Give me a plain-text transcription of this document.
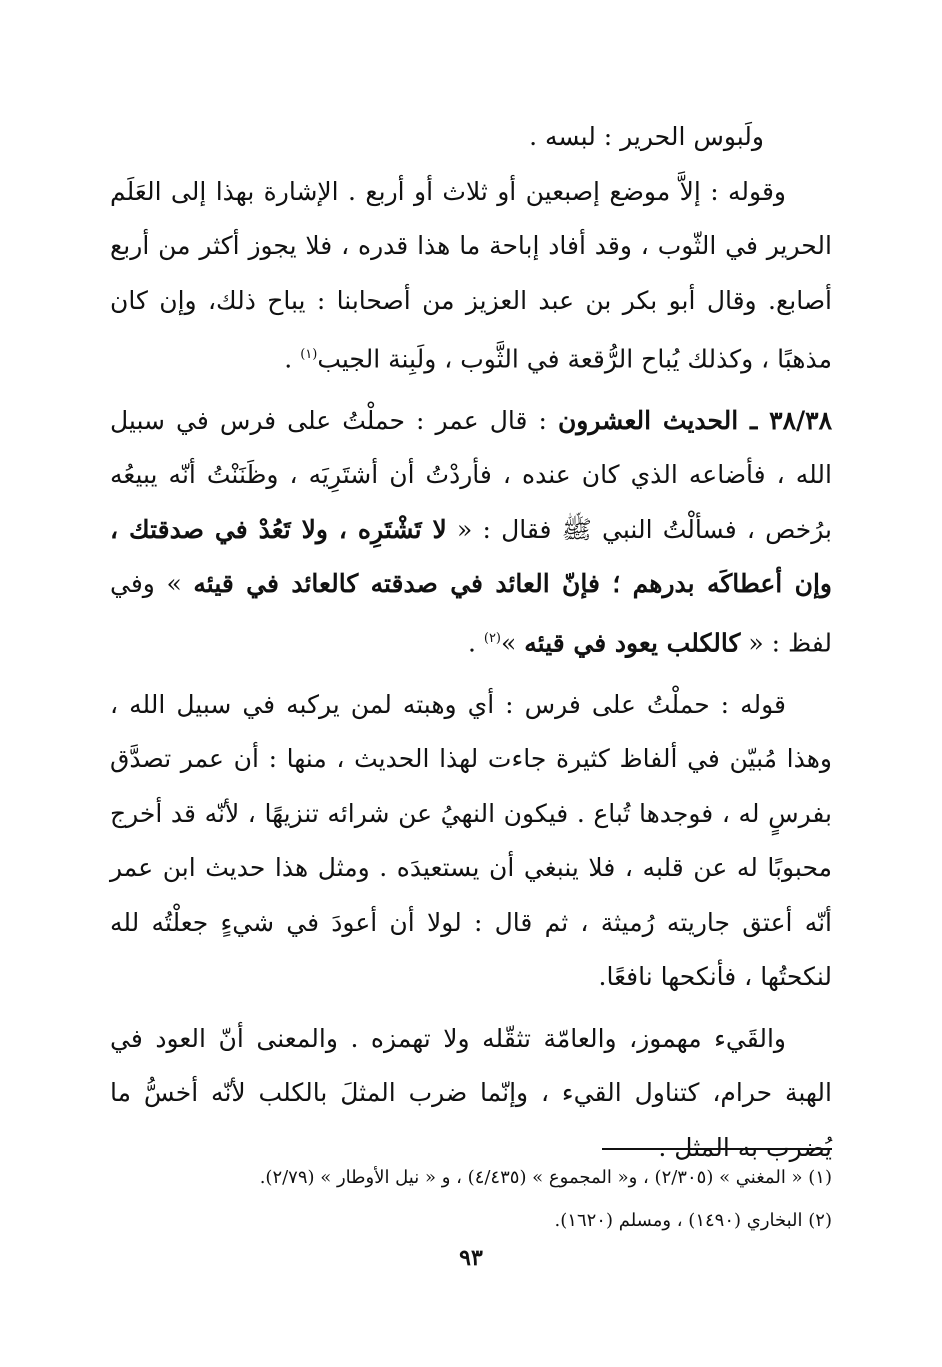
ولَبوس الحرير : لبسه .

وقوله : إلاَّ موضع إصبعين أو ثلاث أو أربع . الإشارة بهذا إلى العَلَم الحرير في الثّوب ، وقد أفاد إباحة ما هذا قدره ، فلا يجوز أكثر من أربع أصابع. وقال أبو بكر بن عبد العزيز من أصحابنا : يباح ذلك، وإن كان مذهبًا ، وكذلك يُباح الرُّقعة في الثَّوب ، ولَبِنة الجيب$^{(١)}$ .

٣٨/٣٨ ـ الحديث العشرون : قال عمر : حملْتُ على فرس في سبيل الله ، فأضاعه الذي كان عنده ، فأردْتُ أن أشتَرِيَه ، وظَنَنْتُ أنّه يبيعُه برُخص ، فسألْتُ النبي ﷺ فقال : « لا تَشْتَرِه ، ولا تَعُدْ في صدقتك ، وإن أعطاكَه بدرهم ؛ فإنّ العائد في صدقته كالعائد في قيئه » وفي لفظ : « كالكلب يعود في قيئه »$^{(٢)}$ .

قوله : حملْتُ على فرس : أي وهبته لمن يركبه في سبيل الله ، وهذا مُبيّن في ألفاظ كثيرة جاءت لهذا الحديث ، منها : أن عمر تصدَّق بفرسٍ له ، فوجدها تُباع . فيكون النهيُ عن شرائه تنزيهًا ، لأنّه قد أخرج محبوبًا له عن قلبه ، فلا ينبغي أن يستعيدَه . ومثل هذا حديث ابن عمر أنّه أعتق جاريته رُميثة ، ثم قال : لولا أن أعودَ في شيءٍ جعلْتُه لله لنكحتُها ، فأنكحها نافعًا.

والقَيء مهموز، والعامّة تثقّله ولا تهمزه . والمعنى أنّ العود في الهبة حرام، كتناول القيء ، وإنّما ضرب المثلَ بالكلب لأنّه أخسُّ ما يُضرب به المثل .

(١) « المغني » (٢/٣٠٥) ، و« المجموع » (٤/٤٣٥) ، و « نيل الأوطار » (٢/٧٩).

(٢) البخاري (١٤٩٠) ، ومسلم (١٦٢٠).

٩٣
